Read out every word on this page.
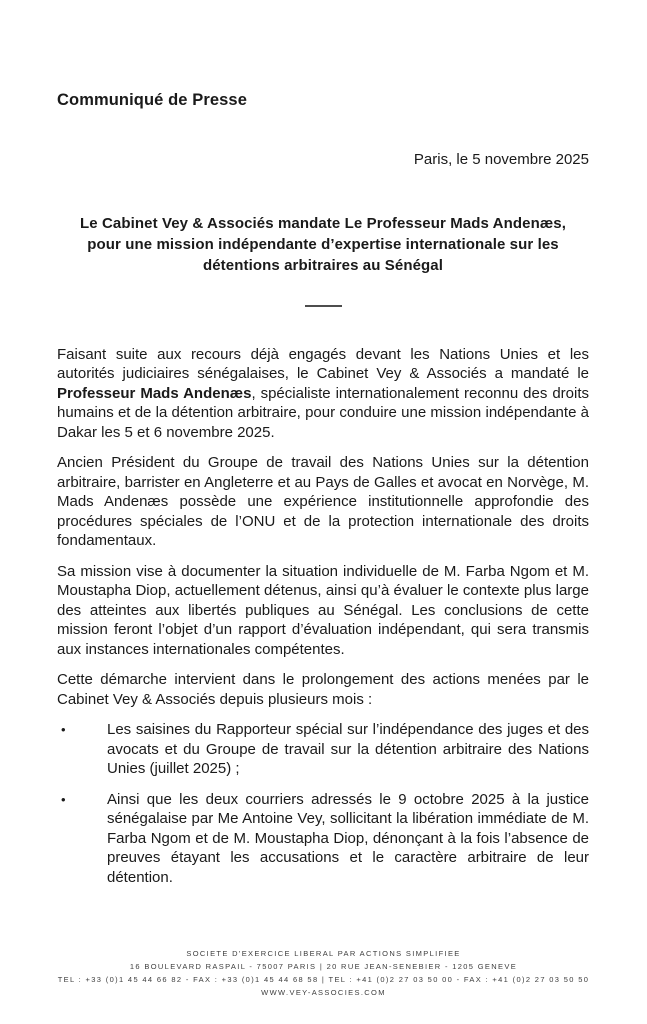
Communiqué de Presse
Paris, le 5 novembre 2025
Le Cabinet Vey & Associés mandate Le Professeur Mads Andenæs, pour une mission indépendante d’expertise internationale sur les détentions arbitraires au Sénégal

Faisant suite aux recours déjà engagés devant les Nations Unies et les autorités judiciaires sénégalaises, le Cabinet Vey & Associés a mandaté le Professeur Mads Andenæs, spécialiste internationalement reconnu des droits humains et de la détention arbitraire, pour conduire une mission indépendante à Dakar les 5 et 6 novembre 2025.

Ancien Président du Groupe de travail des Nations Unies sur la détention arbitraire, barrister en Angleterre et au Pays de Galles et avocat en Norvège, M. Mads Andenæs possède une expérience institutionnelle approfondie des procédures spéciales de l’ONU et de la protection internationale des droits fondamentaux.

Sa mission vise à documenter la situation individuelle de M. Farba Ngom et M. Moustapha Diop, actuellement détenus, ainsi qu’à évaluer le contexte plus large des atteintes aux libertés publiques au Sénégal. Les conclusions de cette mission feront l’objet d’un rapport d’évaluation indépendant, qui sera transmis aux instances internationales compétentes.

Cette démarche intervient dans le prolongement des actions menées par le Cabinet Vey & Associés depuis plusieurs mois :

•	Les saisines du Rapporteur spécial sur l’indépendance des juges et des avocats et du Groupe de travail sur la détention arbitraire des Nations Unies (juillet 2025) ;
•	Ainsi que les deux courriers adressés le 9 octobre 2025 à la justice sénégalaise par Me Antoine Vey, sollicitant la libération immédiate de M. Farba Ngom et de M. Moustapha Diop, dénonçant à la fois l’absence de preuves étayant les accusations et le caractère arbitraire de leur détention.
SOCIETE D'EXERCICE LIBERAL PAR ACTIONS SIMPLIFIEE
16 BOULEVARD RASPAIL - 75007 PARIS | 20 RUE JEAN-SENEBIER - 1205 GENEVE
TEL : +33 (0)1 45 44 66 82 - FAX : +33 (0)1 45 44 68 58 | TEL : +41 (0)2 27 03 50 00 - FAX : +41 (0)2 27 03 50 50
WWW.VEY-ASSOCIES.COM
